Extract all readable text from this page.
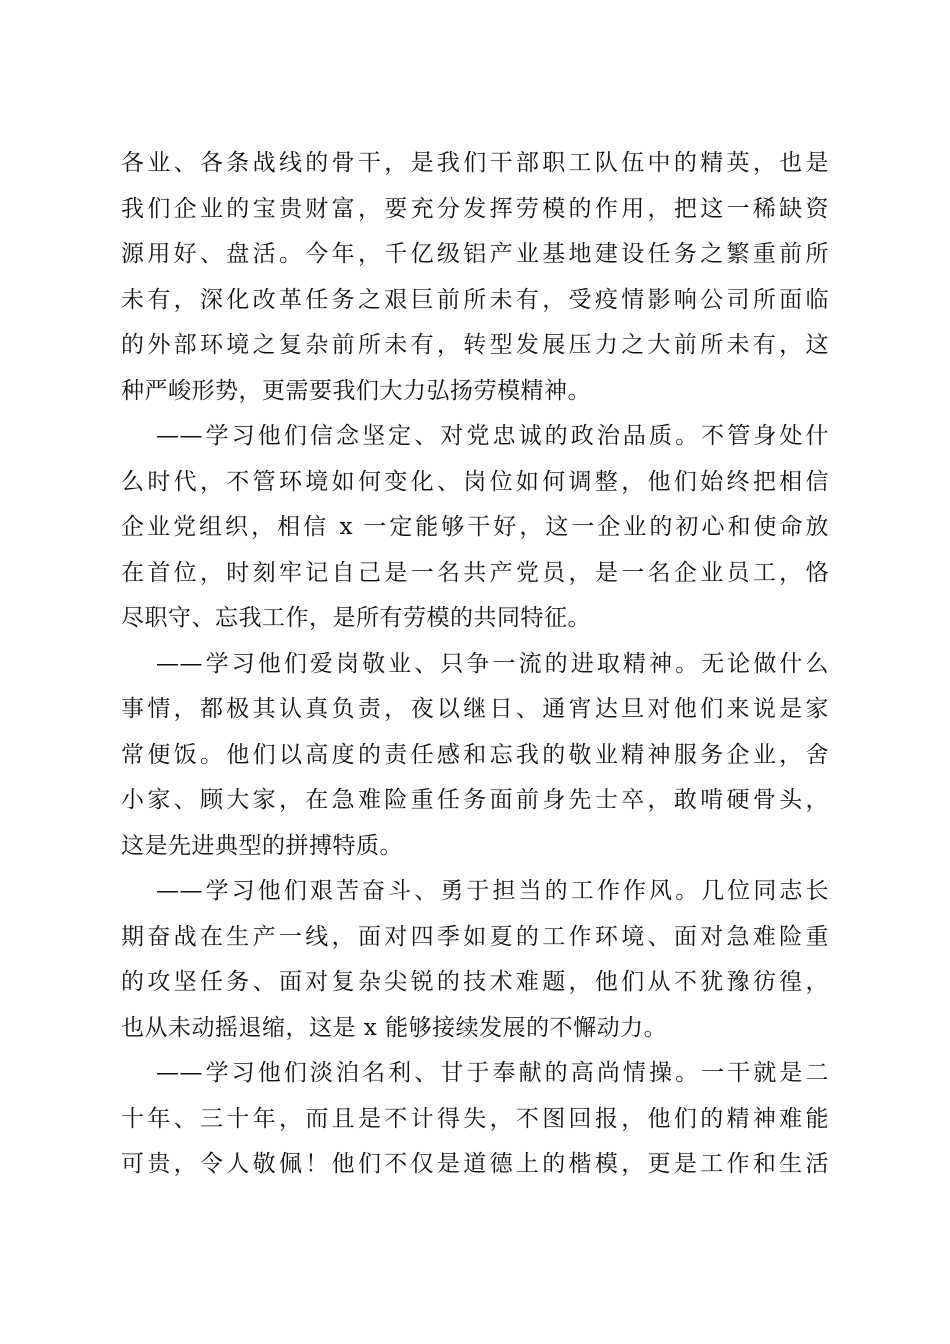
各业、各条战线的骨干，是我们干部职工队伍中的精英，也是
我们企业的宝贵财富，要充分发挥劳模的作用，把这一稀缺资
源用好、盘活。今年，千亿级铝产业基地建设任务之繁重前所
未有，深化改革任务之艰巨前所未有，受疫情影响公司所面临
的外部环境之复杂前所未有，转型发展压力之大前所未有，这
种严峻形势，更需要我们大力弘扬劳模精神。
——学习他们信念坚定、对党忠诚的政治品质。不管身处什
么时代，不管环境如何变化、岗位如何调整，他们始终把相信
企业党组织，相信 x 一定能够干好，这一企业的初心和使命放
在首位，时刻牢记自己是一名共产党员，是一名企业员工，恪
尽职守、忘我工作，是所有劳模的共同特征。
——学习他们爱岗敬业、只争一流的进取精神。无论做什么
事情，都极其认真负责，夜以继日、通宵达旦对他们来说是家
常便饭。他们以高度的责任感和忘我的敬业精神服务企业，舍
小家、顾大家，在急难险重任务面前身先士卒，敢啃硬骨头，
这是先进典型的拼搏特质。
——学习他们艰苦奋斗、勇于担当的工作作风。几位同志长
期奋战在生产一线，面对四季如夏的工作环境、面对急难险重
的攻坚任务、面对复杂尖锐的技术难题，他们从不犹豫彷徨，
也从未动摇退缩，这是 x 能够接续发展的不懈动力。
——学习他们淡泊名利、甘于奉献的高尚情操。一干就是二
十年、三十年，而且是不计得失，不图回报，他们的精神难能
可贵，令人敬佩！他们不仅是道德上的楷模，更是工作和生活
